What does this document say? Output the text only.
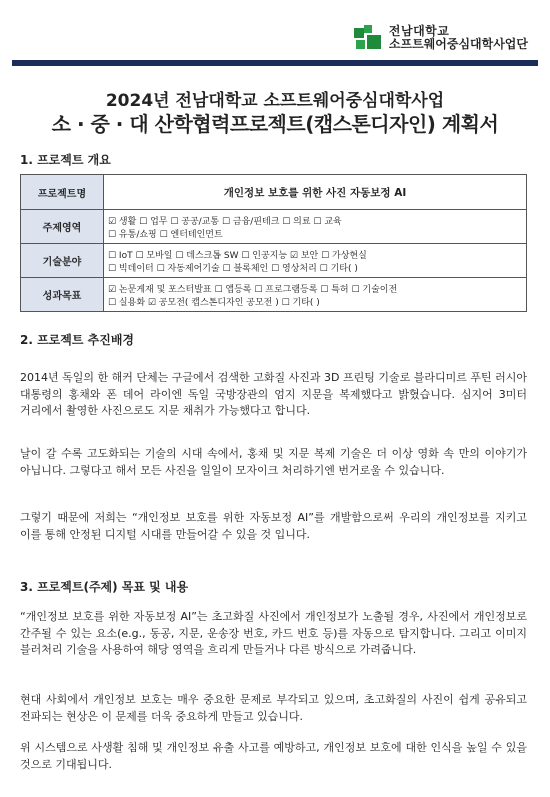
전남대학교
소프트웨어중심대학사업단
2024년 전남대학교 소프트웨어중심대학사업
소 · 중 · 대 산학협력프로젝트(캡스톤디자인) 계획서
1. 프로젝트 개요
프로젝트명	개인정보 보호를 위한 사진 자동보정 AI
주제영역	☑ 생활 ☐ 업무 ☐ 공공/교통 ☐ 금융/핀테크 ☐ 의료 ☐ 교육
☐ 유통/쇼핑 ☐ 엔터테인먼트

기술분야	☐ IoT ☐ 모바일 ☐ 데스크톱 SW ☐ 인공지능 ☑ 보안 ☐ 가상현실
☐ 빅데이터 ☐ 자동제어기술 ☐ 블록체인 ☐ 영상처리 ☐ 기타( )

성과목표	☑ 논문게재 및 포스터발표 ☐ 앱등록 ☐ 프로그램등록 ☐ 특허 ☐ 기술이전
☐ 실용화 ☑ 공모전( 캡스톤디자인 공모전 ) ☐ 기타( )
2. 프로젝트 추진배경
2014년 독일의 한 해커 단체는 구글에서 검색한 고화질 사진과 3D 프린팅 기술로 블라디미르 푸틴 러시아 대통령의 홍채와 폰 데어 라이엔 독일 국방장관의 엄지 지문을 복제했다고 밝혔습니다. 심지어 3미터 거리에서 촬영한 사진으로도 지문 채취가 가능했다고 합니다.
날이 갈 수록 고도화되는 기술의 시대 속에서, 홍채 및 지문 복제 기술은 더 이상 영화 속 만의 이야기가 아닙니다. 그렇다고 해서 모든 사진을 일일이 모자이크 처리하기엔 번거로울 수 있습니다.
그렇기 때문에 저희는 “개인정보 보호를 위한 자동보정 AI”를 개발함으로써 우리의 개인정보를 지키고 이를 통해 안정된 디지털 시대를 만들어갈 수 있을 것 입니다.
3. 프로젝트(주제) 목표 및 내용
“개인정보 보호를 위한 자동보정 AI”는 초고화질 사진에서 개인정보가 노출될 경우, 사진에서 개인정보로 간주될 수 있는 요소(e.g., 동공, 지문, 운송장 번호, 카드 번호 등)를 자동으로 탐지합니다. 그리고 이미지 블러처리 기술을 사용하여 해당 영역을 흐리게 만들거나 다른 방식으로 가려줍니다.
현대 사회에서 개인정보 보호는 매우 중요한 문제로 부각되고 있으며, 초고화질의 사진이 쉽게 공유되고 전파되는 현상은 이 문제를 더욱 중요하게 만들고 있습니다.
위 시스템으로 사생활 침해 및 개인정보 유출 사고를 예방하고, 개인정보 보호에 대한 인식을 높일 수 있을 것으로 기대됩니다.
